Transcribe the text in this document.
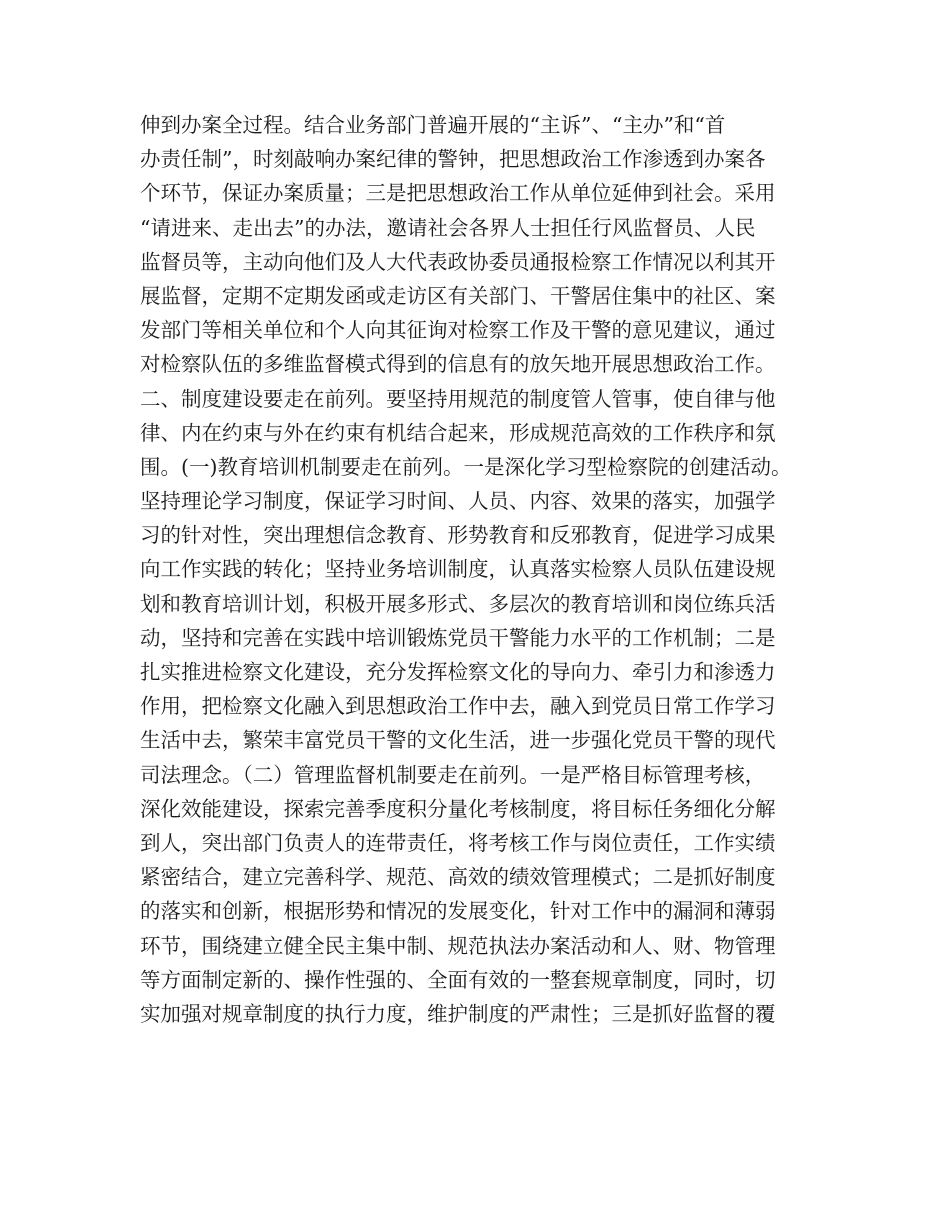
伸到办案全过程。结合业务部门普遍开展的“主诉”、“主办”和“首
办责任制”，时刻敲响办案纪律的警钟，把思想政治工作渗透到办案各
个环节，保证办案质量；三是把思想政治工作从单位延伸到社会。采用
“请进来、走出去”的办法，邀请社会各界人士担任行风监督员、人民
监督员等，主动向他们及人大代表政协委员通报检察工作情况以利其开
展监督，定期不定期发函或走访区有关部门、干警居住集中的社区、案
发部门等相关单位和个人向其征询对检察工作及干警的意见建议，通过
对检察队伍的多维监督模式得到的信息有的放矢地开展思想政治工作。
二、制度建设要走在前列。要坚持用规范的制度管人管事，使自律与他
律、内在约束与外在约束有机结合起来，形成规范高效的工作秩序和氛
围。(一)教育培训机制要走在前列。一是深化学习型检察院的创建活动。
坚持理论学习制度，保证学习时间、人员、内容、效果的落实，加强学
习的针对性，突出理想信念教育、形势教育和反邪教育，促进学习成果
向工作实践的转化；坚持业务培训制度，认真落实检察人员队伍建设规
划和教育培训计划，积极开展多形式、多层次的教育培训和岗位练兵活
动，坚持和完善在实践中培训锻炼党员干警能力水平的工作机制；二是
扎实推进检察文化建设，充分发挥检察文化的导向力、牵引力和渗透力
作用，把检察文化融入到思想政治工作中去，融入到党员日常工作学习
生活中去，繁荣丰富党员干警的文化生活，进一步强化党员干警的现代
司法理念。（二）管理监督机制要走在前列。一是严格目标管理考核，
深化效能建设，探索完善季度积分量化考核制度，将目标任务细化分解
到人，突出部门负责人的连带责任，将考核工作与岗位责任，工作实绩
紧密结合，建立完善科学、规范、高效的绩效管理模式；二是抓好制度
的落实和创新，根据形势和情况的发展变化，针对工作中的漏洞和薄弱
环节，围绕建立健全民主集中制、规范执法办案活动和人、财、物管理
等方面制定新的、操作性强的、全面有效的一整套规章制度，同时，切
实加强对规章制度的执行力度，维护制度的严肃性；三是抓好监督的覆
